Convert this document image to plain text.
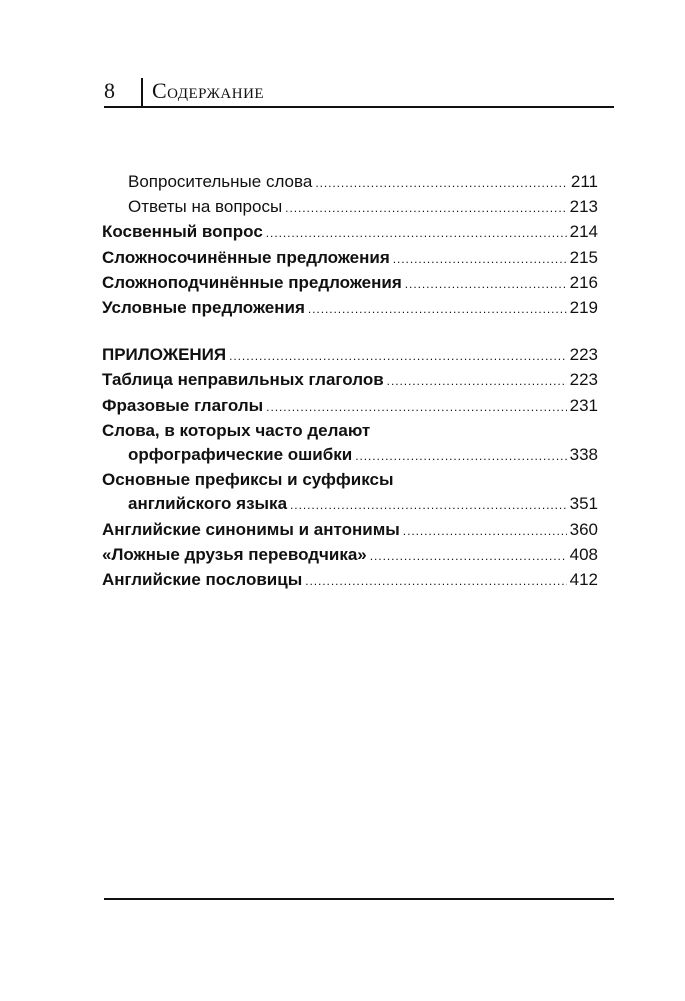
8	Содержание
Вопросительные слова . . .	211
Ответы на вопросы . . .	213
Косвенный вопрос . . .	214
Сложносочинённые предложения . . .	215
Сложноподчинённые предложения . . .	216
Условные предложения . . .	219
ПРИЛОЖЕНИЯ . . .	223
Таблица неправильных глаголов . . .	223
Фразовые глаголы . . .	231
Слова, в которых часто делают
орфографические ошибки . . .	338
Основные префиксы и суффиксы
английского языка . . .	351
Английские синонимы и антонимы . . .	360
«Ложные друзья переводчика» . . .	408
Английские пословицы . . .	412
